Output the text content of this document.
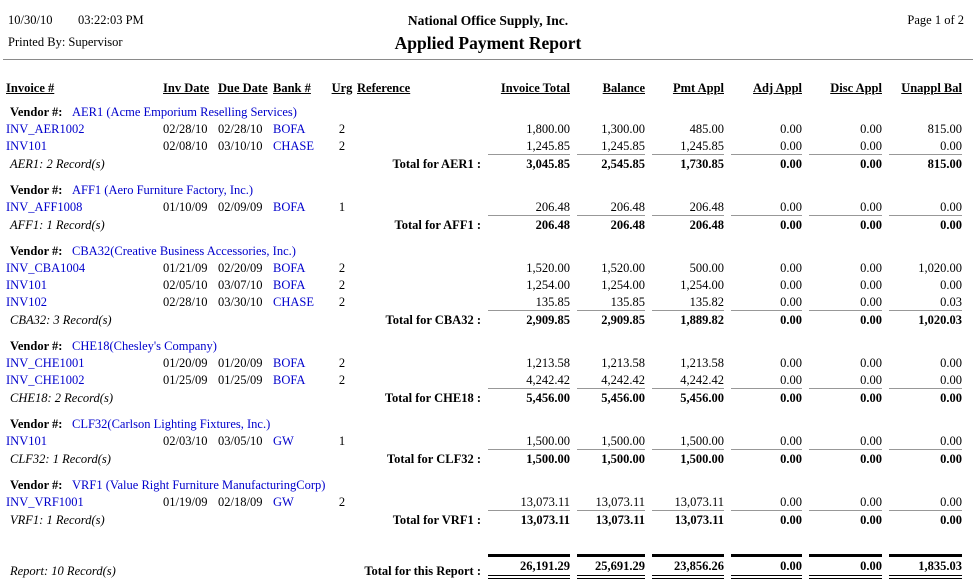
10/30/10 03:22:03 PM
Printed By: Supervisor
National Office Supply, Inc.
Applied Payment Report
Page 1 of 2
Invoice #	Inv Date Due Date Bank #	Urg Reference	Invoice Total	Balance	Pmt Appl	Adj Appl	Disc Appl	Unappl Bal
Vendor #: AER1 (Acme Emporium Reselling Services)
INV_AER1002	02/28/10 02/28/10 BOFA	2	1,800.00	1,300.00	485.00	0.00	0.00	815.00
INV101	02/08/10 03/10/10 CHASE	2	1,245.85	1,245.85	1,245.85	0.00	0.00	0.00
AER1: 2 Record(s)	Total for AER1 :	3,045.85	2,545.85	1,730.85	0.00	0.00	815.00
Vendor #: AFF1 (Aero Furniture Factory, Inc.)
INV_AFF1008	01/10/09 02/09/09 BOFA	1	206.48	206.48	206.48	0.00	0.00	0.00
AFF1: 1 Record(s)	Total for AFF1 :	206.48	206.48	206.48	0.00	0.00	0.00
Vendor #: CBA32(Creative Business Accessories, Inc.)
INV_CBA1004	01/21/09 02/20/09 BOFA	2	1,520.00	1,520.00	500.00	0.00	0.00	1,020.00
INV101	02/05/10 03/07/10 BOFA	2	1,254.00	1,254.00	1,254.00	0.00	0.00	0.00
INV102	02/28/10 03/30/10 CHASE	2	135.85	135.85	135.82	0.00	0.00	0.03
CBA32: 3 Record(s)	Total for CBA32 :	2,909.85	2,909.85	1,889.82	0.00	0.00	1,020.03
Vendor #: CHE18(Chesley's Company)
INV_CHE1001	01/20/09 01/20/09 BOFA	2	1,213.58	1,213.58	1,213.58	0.00	0.00	0.00
INV_CHE1002	01/25/09 01/25/09 BOFA	2	4,242.42	4,242.42	4,242.42	0.00	0.00	0.00
CHE18: 2 Record(s)	Total for CHE18 :	5,456.00	5,456.00	5,456.00	0.00	0.00	0.00
Vendor #: CLF32(Carlson Lighting Fixtures, Inc.)
INV101	02/03/10 03/05/10 GW	1	1,500.00	1,500.00	1,500.00	0.00	0.00	0.00
CLF32: 1 Record(s)	Total for CLF32 :	1,500.00	1,500.00	1,500.00	0.00	0.00	0.00
Vendor #: VRF1 (Value Right Furniture ManufacturingCorp)
INV_VRF1001	01/19/09 02/18/09 GW	2	13,073.11	13,073.11	13,073.11	0.00	0.00	0.00
VRF1: 1 Record(s)	Total for VRF1 :	13,073.11	13,073.11	13,073.11	0.00	0.00	0.00
Report: 10 Record(s)	Total for this Report :	26,191.29	25,691.29	23,856.26	0.00	0.00	1,835.03
